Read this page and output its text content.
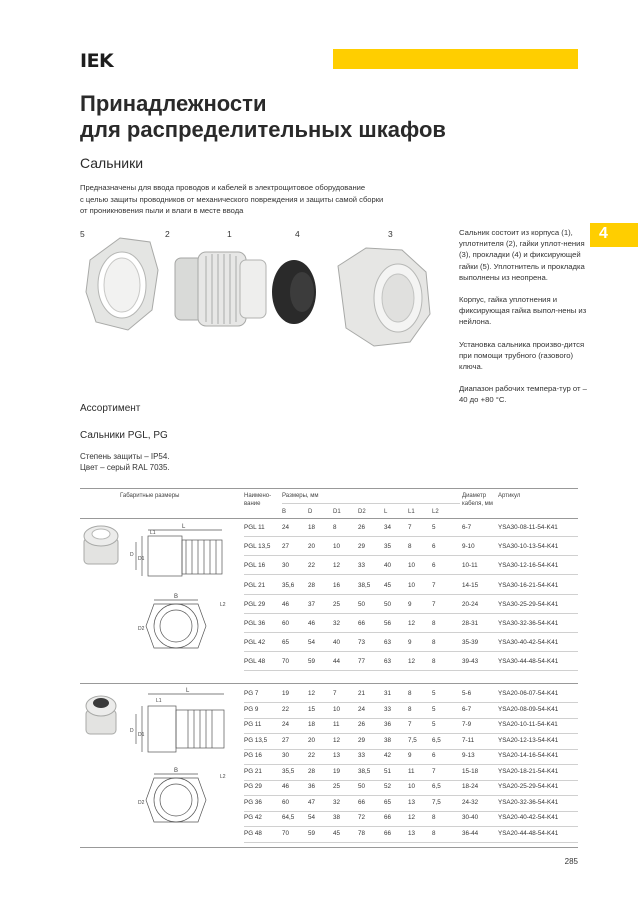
IEK
Принадлежности
для распределительных шкафов
Сальники
Предназначены для ввода проводов и кабелей в электрощитовое оборудование
с целью защиты проводников от механического повреждения и защиты самой сборки
от проникновения пыли и влаги в месте ввода
5	2	1	4	3	Сальник состоит из корпуса (1), уплотнителя (2), гайки уплот-нения (3), прокладки (4) и фиксирующей гайки (5). Уплотнитель и прокладка выполнены из неопрена.

Корпус, гайка уплотнения и фиксирующая гайка выпол-нены из нейлона.

Установка сальника произво-дится при помощи трубного (газового) ключа.

Диапазон рабочих темпера-тур от –40 до +80 °С.

4
Ассортимент
Сальники PGL, PG
Степень защиты – IP54.
Цвет – серый RAL 7035.
Габаритные размеры	Наимено-вание
Размеры, мм	Диаметр кабеля, мм
Артикул
B	D	D1	D2	L	L1	L2
L
L1
L2
B
D
D1
D2
PGL 11	24	18	8	26	34	7	5	6-7	YSA30-08-11-54-K41
PGL 13,5 27	20	10	29	35	8	6	9-10	YSA30-10-13-54-K41
PGL 16	30	22	12	33	40	10	6	10-11	YSA30-12-16-54-K41
PGL 21	35,6 28	16	38,5 45	10	7	14-15	YSA30-16-21-54-K41
PGL 29	46	37	25	50	50	9	7	20-24	YSA30-25-29-54-K41
PGL 36	60	46	32	66	56	12	8	28-31	YSA30-32-36-54-K41
PGL 42	65	54	40	73	63	9	8	35-39	YSA30-40-42-54-K41
PGL 48	70	59	44	77	63	12	8	39-43	YSA30-44-48-54-K41
L
L1
L2
B
D
D1
D2
PG 7	19	12	7	21	31	8	5	5-6	YSA20-06-07-54-K41
PG 9	22	15	10	24	33	8	5	6-7	YSA20-08-09-54-K41
PG 11	24	18	11	26	36	7	5	7-9	YSA20-10-11-54-K41
PG 13,5 27	20	12	29	38	7,5 6,5	7-11	YSA20-12-13-54-K41
PG 16	30	22	13	33	42	9	6	9-13	YSA20-14-16-54-K41
PG 21	35,5 28	19	38,5 51	11	7	15-18	YSA20-18-21-54-K41
PG 29	46	36	25	50	52	10	6,5	18-24	YSA20-25-29-54-K41
PG 36	60	47	32	66	65	13	7,5	24-32	YSA20-32-36-54-K41
PG 42	64,5 54	38	72	66	12	8	30-40	YSA20-40-42-54-K41
PG 48	70	59	45	78	66	13	8	36-44	YSA20-44-48-54-K41
285
